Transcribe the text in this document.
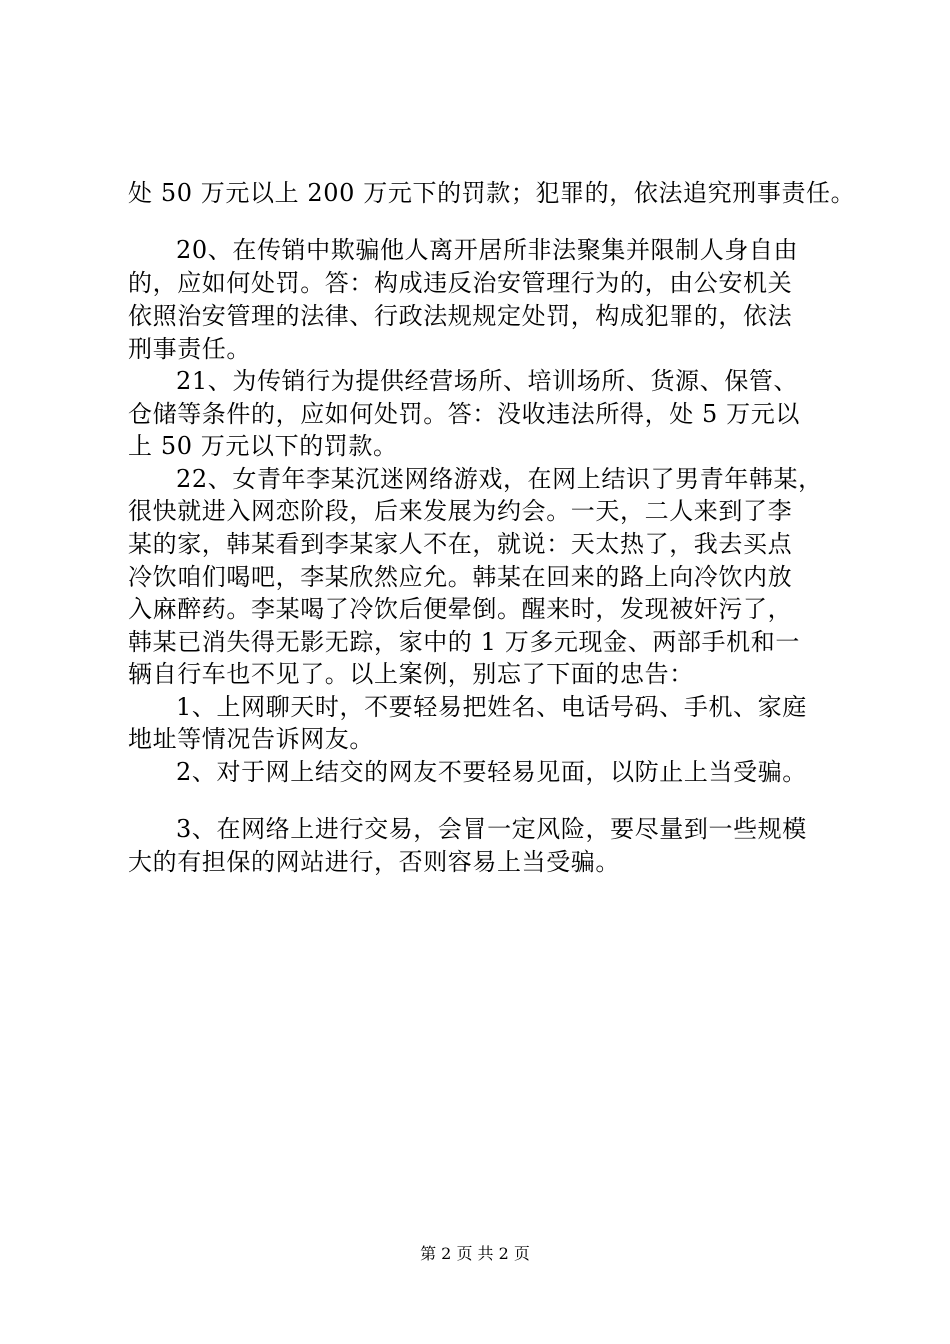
处 50 万元以上 200 万元下的罚款；犯罪的，依法追究刑事责任。

20、在传销中欺骗他人离开居所非法聚集并限制人身自由

的，应如何处罚。答：构成违反治安管理行为的，由公安机关

依照治安管理的法律、行政法规规定处罚，构成犯罪的，依法

刑事责任。

21、为传销行为提供经营场所、培训场所、货源、保管、

仓储等条件的，应如何处罚。答：没收违法所得，处 5 万元以

上 50 万元以下的罚款。

22、女青年李某沉迷网络游戏，在网上结识了男青年韩某，

很快就进入网恋阶段，后来发展为约会。一天，二人来到了李

某的家，韩某看到李某家人不在，就说：天太热了，我去买点

冷饮咱们喝吧，李某欣然应允。韩某在回来的路上向冷饮内放

入麻醉药。李某喝了冷饮后便晕倒。醒来时，发现被奸污了，

韩某已消失得无影无踪，家中的 1 万多元现金、两部手机和一

辆自行车也不见了。以上案例，别忘了下面的忠告：

1、上网聊天时，不要轻易把姓名、电话号码、手机、家庭

地址等情况告诉网友。

2、对于网上结交的网友不要轻易见面，以防止上当受骗。

3、在网络上进行交易，会冒一定风险，要尽量到一些规模

大的有担保的网站进行，否则容易上当受骗。

第 2 页 共 2 页
